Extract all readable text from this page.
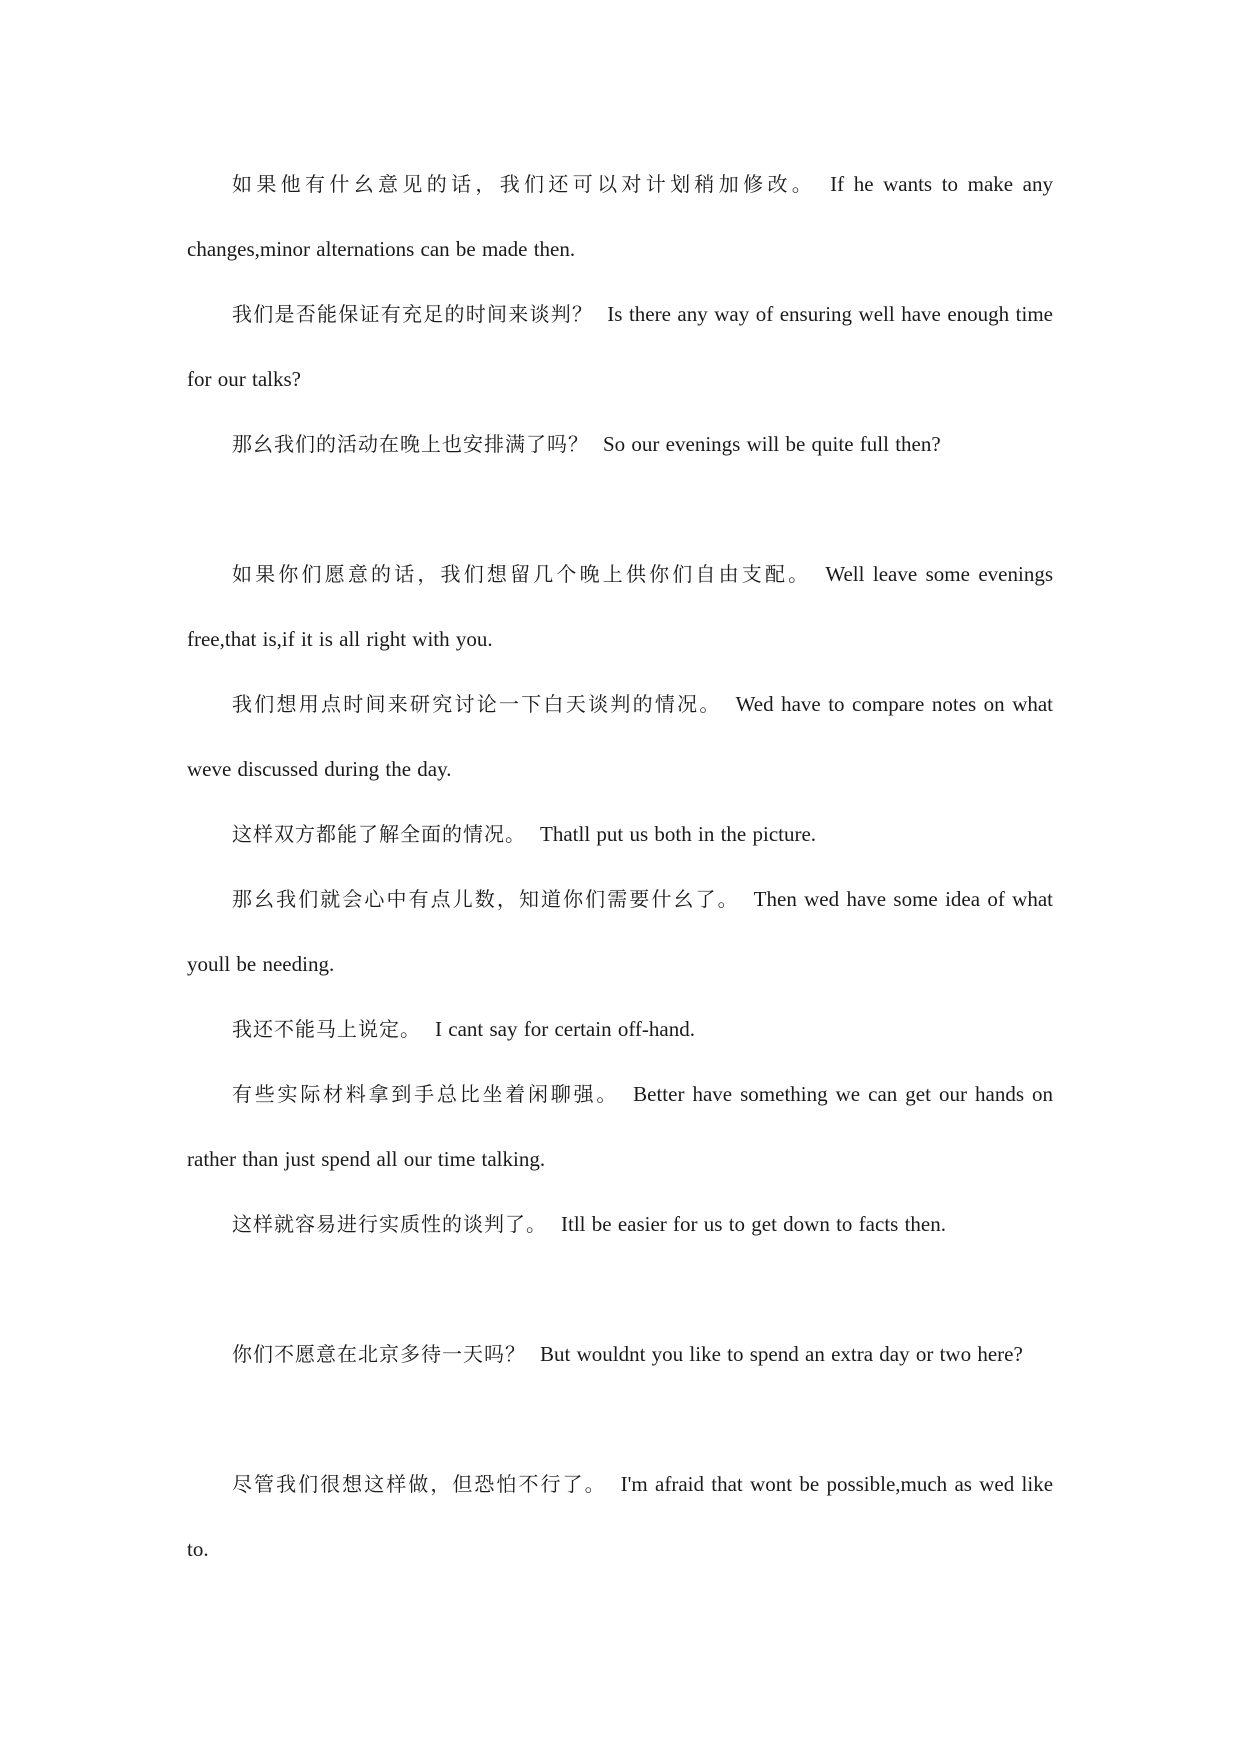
如果他有什幺意见的话，我们还可以对计划稍加修改。 If he wants to make any changes,minor alternations can be made then.

我们是否能保证有充足的时间来谈判？ Is there any way of ensuring well have enough time for our talks?

那幺我们的活动在晚上也安排满了吗？ So our evenings will be quite full then?

如果你们愿意的话，我们想留几个晚上供你们自由支配。 Well leave some evenings free,that is,if it is all right with you.

我们想用点时间来研究讨论一下白天谈判的情况。 Wed have to compare notes on what weve discussed during the day.

这样双方都能了解全面的情况。 Thatll put us both in the picture.

那幺我们就会心中有点儿数，知道你们需要什幺了。 Then wed have some idea of what youll be needing.

我还不能马上说定。 I cant say for certain off-hand.

有些实际材料拿到手总比坐着闲聊强。 Better have something we can get our hands on rather than just spend all our time talking.

这样就容易进行实质性的谈判了。 Itll be easier for us to get down to facts then.

你们不愿意在北京多待一天吗？ But wouldnt you like to spend an extra day or two here?

尽管我们很想这样做，但恐怕不行了。 I'm afraid that wont be possible,much as wed like to.
